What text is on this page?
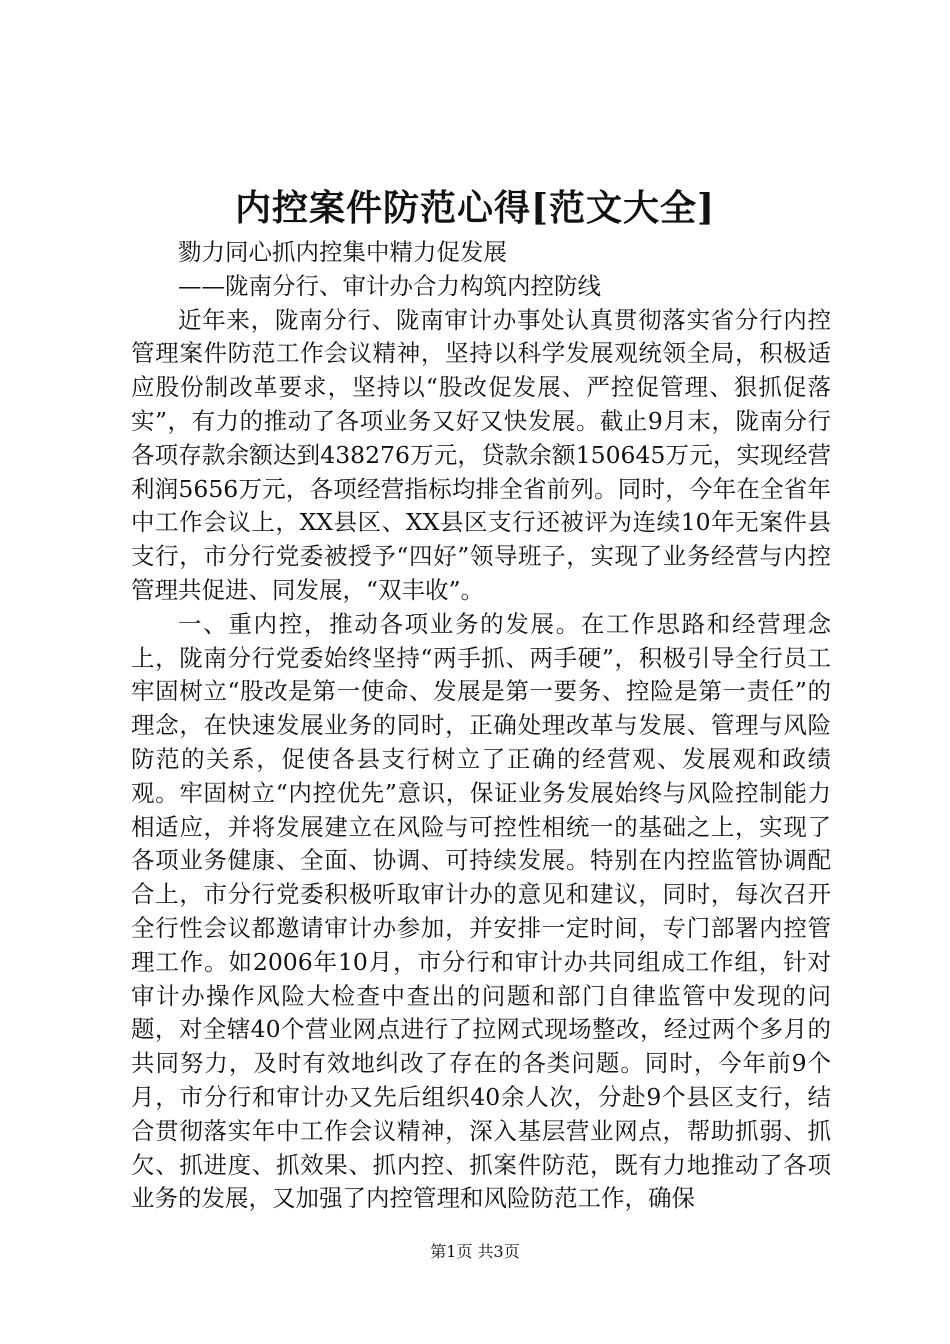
内控案件防范心得[范文大全]

勠力同心抓内控集中精力促发展

——陇南分行、审计办合力构筑内控防线

近年来，陇南分行、陇南审计办事处认真贯彻落实省分行内控管理案件防范工作会议精神，坚持以科学发展观统领全局，积极适应股份制改革要求，坚持以“股改促发展、严控促管理、狠抓促落实”，有力的推动了各项业务又好又快发展。截止9月末，陇南分行各项存款余额达到438276万元，贷款余额150645万元，实现经营利润5656万元，各项经营指标均排全省前列。同时，今年在全省年中工作会议上，XX县区、XX县区支行还被评为连续10年无案件县支行，市分行党委被授予“四好”领导班子，实现了业务经营与内控管理共促进、同发展，“双丰收”。

一、重内控，推动各项业务的发展。在工作思路和经营理念上，陇南分行党委始终坚持“两手抓、两手硬”，积极引导全行员工牢固树立“股改是第一使命、发展是第一要务、控险是第一责任”的理念，在快速发展业务的同时，正确处理改革与发展、管理与风险防范的关系，促使各县支行树立了正确的经营观、发展观和政绩观。牢固树立“内控优先”意识，保证业务发展始终与风险控制能力相适应，并将发展建立在风险与可控性相统一的基础之上，实现了各项业务健康、全面、协调、可持续发展。特别在内控监管协调配合上，市分行党委积极听取审计办的意见和建议，同时，每次召开全行性会议都邀请审计办参加，并安排一定时间，专门部署内控管理工作。如2006年10月，市分行和审计办共同组成工作组，针对审计办操作风险大检查中查出的问题和部门自律监管中发现的问题，对全辖40个营业网点进行了拉网式现场整改，经过两个多月的共同努力，及时有效地纠改了存在的各类问题。同时，今年前9个月，市分行和审计办又先后组织40余人次，分赴9个县区支行，结合贯彻落实年中工作会议精神，深入基层营业网点，帮助抓弱、抓欠、抓进度、抓效果、抓内控、抓案件防范，既有力地推动了各项业务的发展，又加强了内控管理和风险防范工作，确保

第1页 共3页
